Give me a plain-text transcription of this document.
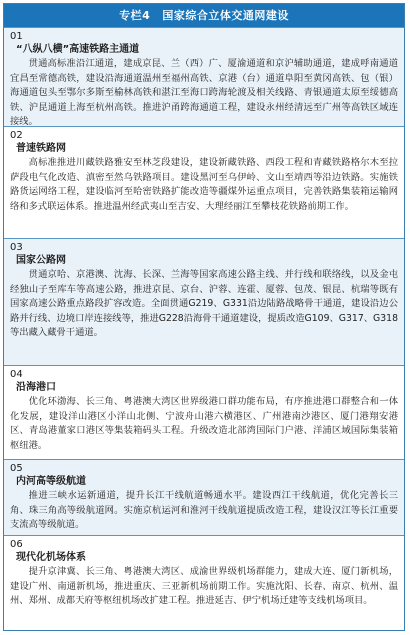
专栏4 国家综合立体交通网建设
01
“八纵八横”高速铁路主通道
贯通高标准沿江通道，建成京昆、兰（西）广、厦渝通道和京沪辅助通道，建成呼南通道宜昌至常德高铁，建设沿海通道温州至福州高铁、京港（台）通道阜阳至黄冈高铁、包（银）海通道包头至鄂尔多斯至榆林高铁和湛江至海口跨海轮渡及相关线路、青银通道太原至绥德高铁、沪昆通道上海至杭州高铁。推进沪甬跨海通道工程，建设永州经清远至广州等高铁区域连接线。
02
普速铁路网
高标准推进川藏铁路雅安至林芝段建设，建设新藏铁路、西段工程和青藏铁路格尔木至拉萨段电气化改造、滇密至然乌铁路项目。建设黑河至乌伊岭、文山至靖西等沿边铁路。实施铁路货运网络工程，建设临河至哈密铁路扩能改造等疆煤外运重点项目，完善铁路集装箱运输网络和多式联运体系。推进温州经武夷山至吉安、大理经丽江至攀枝花铁路前期工作。
03
国家公路网
贯通京哈、京港澳、沈海、长深、兰海等国家高速公路主线、并行线和联络线，以及金屯经独山子至库车等高速公路，推进京昆、京台、沪蓉、连霍、厦蓉、包茂、银昆、杭瑞等既有国家高速公路重点路段扩容改造。全面贯通G219、G331沿边陆路战略骨干通道，建设沿边公路并行线、边境口岸连接线等，推进G228沿海骨干通道建设，提质改造G109、G317、G318等出藏入藏骨干通道。
04
沿海港口
优化环渤海、长三角、粤港澳大湾区世界级港口群功能布局，有序推进港口群整合和一体化发展，建设洋山港区小洋山北侧、宁波舟山港六横港区、广州港南沙港区、厦门港翔安港区、青岛港董家口港区等集装箱码头工程。升级改造北部湾国际门户港、洋浦区域国际集装箱枢纽港。
05
内河高等级航道
推进三峡水运新通道，提升长江干线航道畅通水平。建设西江干线航道，优化完善长三角、珠三角高等级航道网。实施京杭运河和淮河干线航道提质改造工程，建设汉江等长江重要支流高等级航道。
06
现代化机场体系
提升京津冀、长三角、粤港澳大湾区、成渝世界级机场群能力，建成大连、厦门新机场，建设广州、南通新机场，推进重庆、三亚新机场前期工作。实施沈阳、长春、南京、杭州、温州、郑州、成都天府等枢纽机场改扩建工程。推进延吉、伊宁机场迁建等支线机场项目。
